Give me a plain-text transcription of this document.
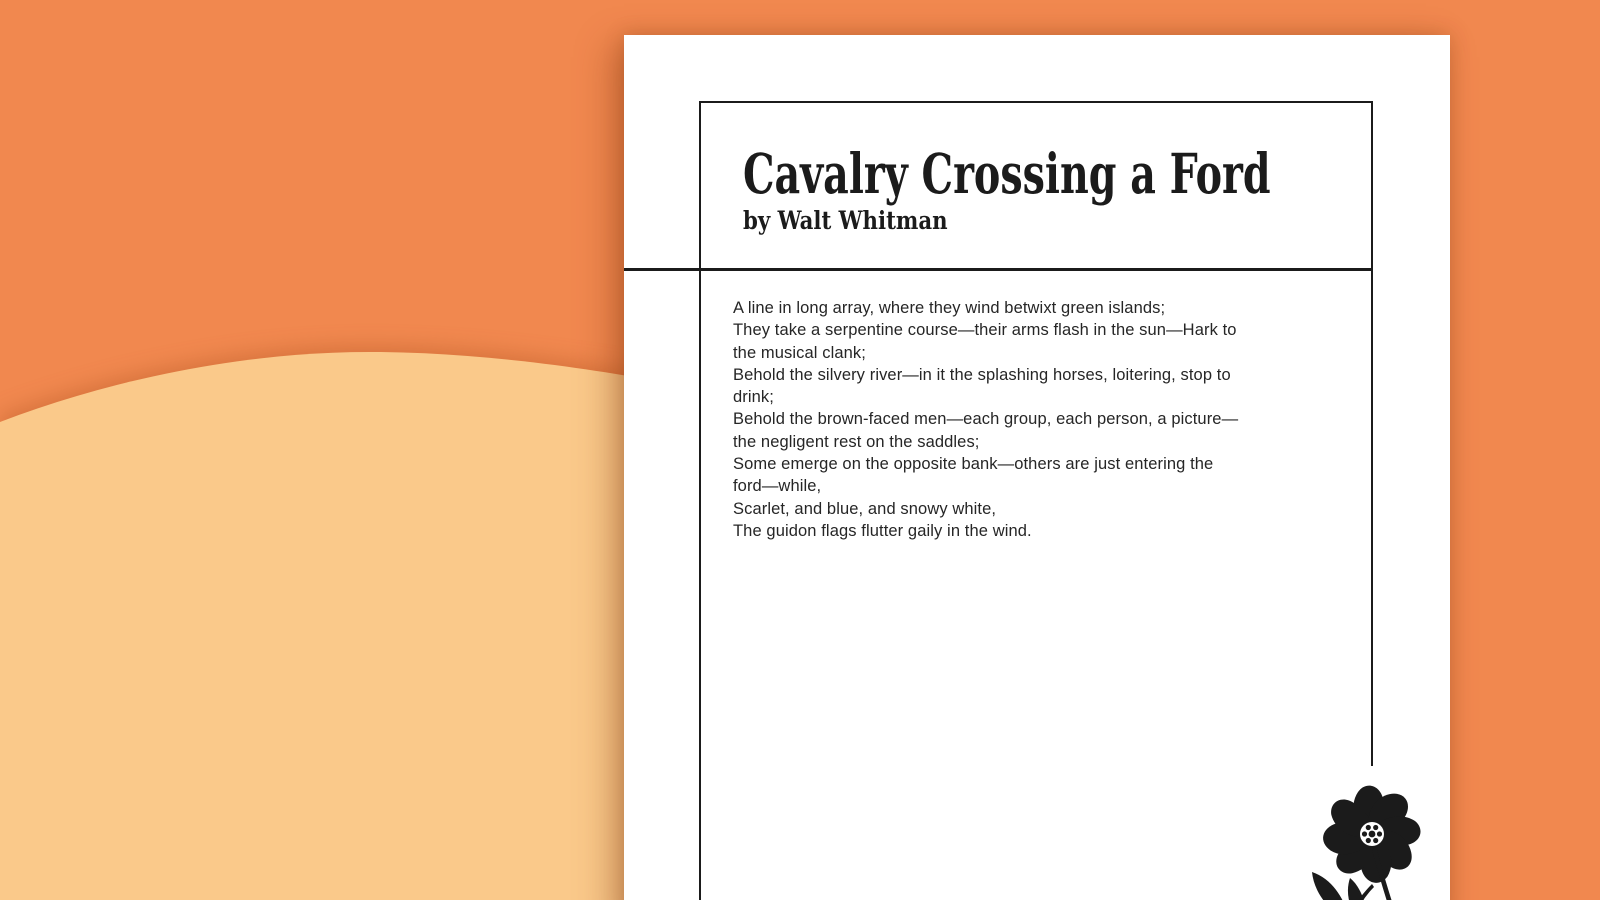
Cavalry Crossing a Ford
by Walt Whitman
A line in long array, where they wind betwixt green islands;
They take a serpentine course—their arms flash in the sun—Hark to
the musical clank;
Behold the silvery river—in it the splashing horses, loitering, stop to
drink;
Behold the brown-faced men—each group, each person, a picture—
the negligent rest on the saddles;
Some emerge on the opposite bank—others are just entering the
ford—while,
Scarlet, and blue, and snowy white,
The guidon flags flutter gaily in the wind.
